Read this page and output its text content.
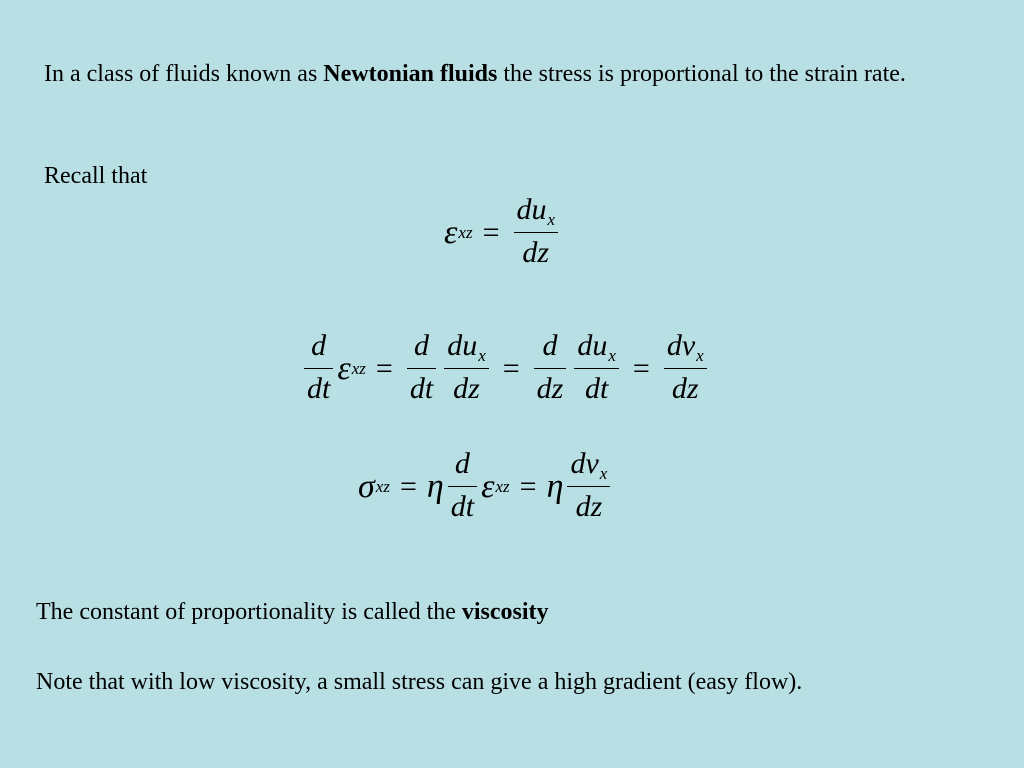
In a class of fluids known as Newtonian fluids the stress is proportional to the strain rate.

Recall that

ε xz = $\frac{du_x}{dz}$
$\frac{d}{dt}$ ε xz = $\frac{d}{dt} \frac{du_x}{dz} = \frac{d}{dz} \frac{du_x}{dt} = \frac{dv_x}{dz}$
σ xz = η $\frac{d}{dt}$ ε xz = η $\frac{dv_x}{dz}$

The constant of proportionality is called the viscosity

Note that with low viscosity, a small stress can give a high gradient (easy flow).
